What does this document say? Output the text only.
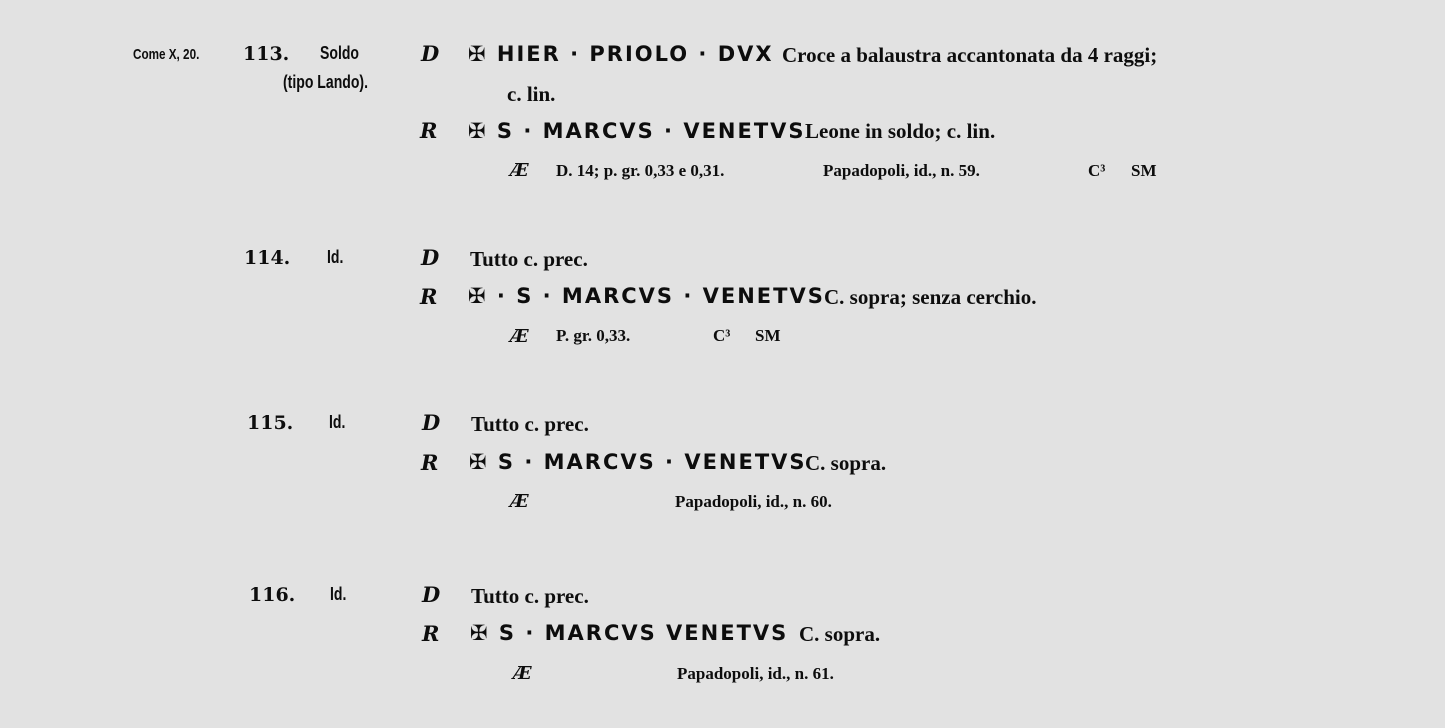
Come X, 20. 113. Soldo
(tipo Lando).
D ✠ HIER · PRIOLO · DVX Croce a balaustra accantonata da 4 raggi;
c. lin.
R ✠ S · MARCVS · VENETVS Leone in soldo; c. lin.
Æ D. 14; p. gr. 0,33 e 0,31.	Papadopoli, id., n. 59.	C³ SM
114. Id.	D Tutto c. prec.
R ✠ · S · MARCVS · VENETVS C. sopra; senza cerchio.
Æ P. gr. 0,33.	C³ SM
115. Id.	D Tutto c. prec.
R ✠ S · MARCVS · VENETVS
C. sopra.
Æ	Papadopoli, id., n. 60.
116. Id.	D Tutto c. prec.
R ✠ S · MARCVS VENETVS C. sopra.
Æ	Papadopoli, id., n. 61.
